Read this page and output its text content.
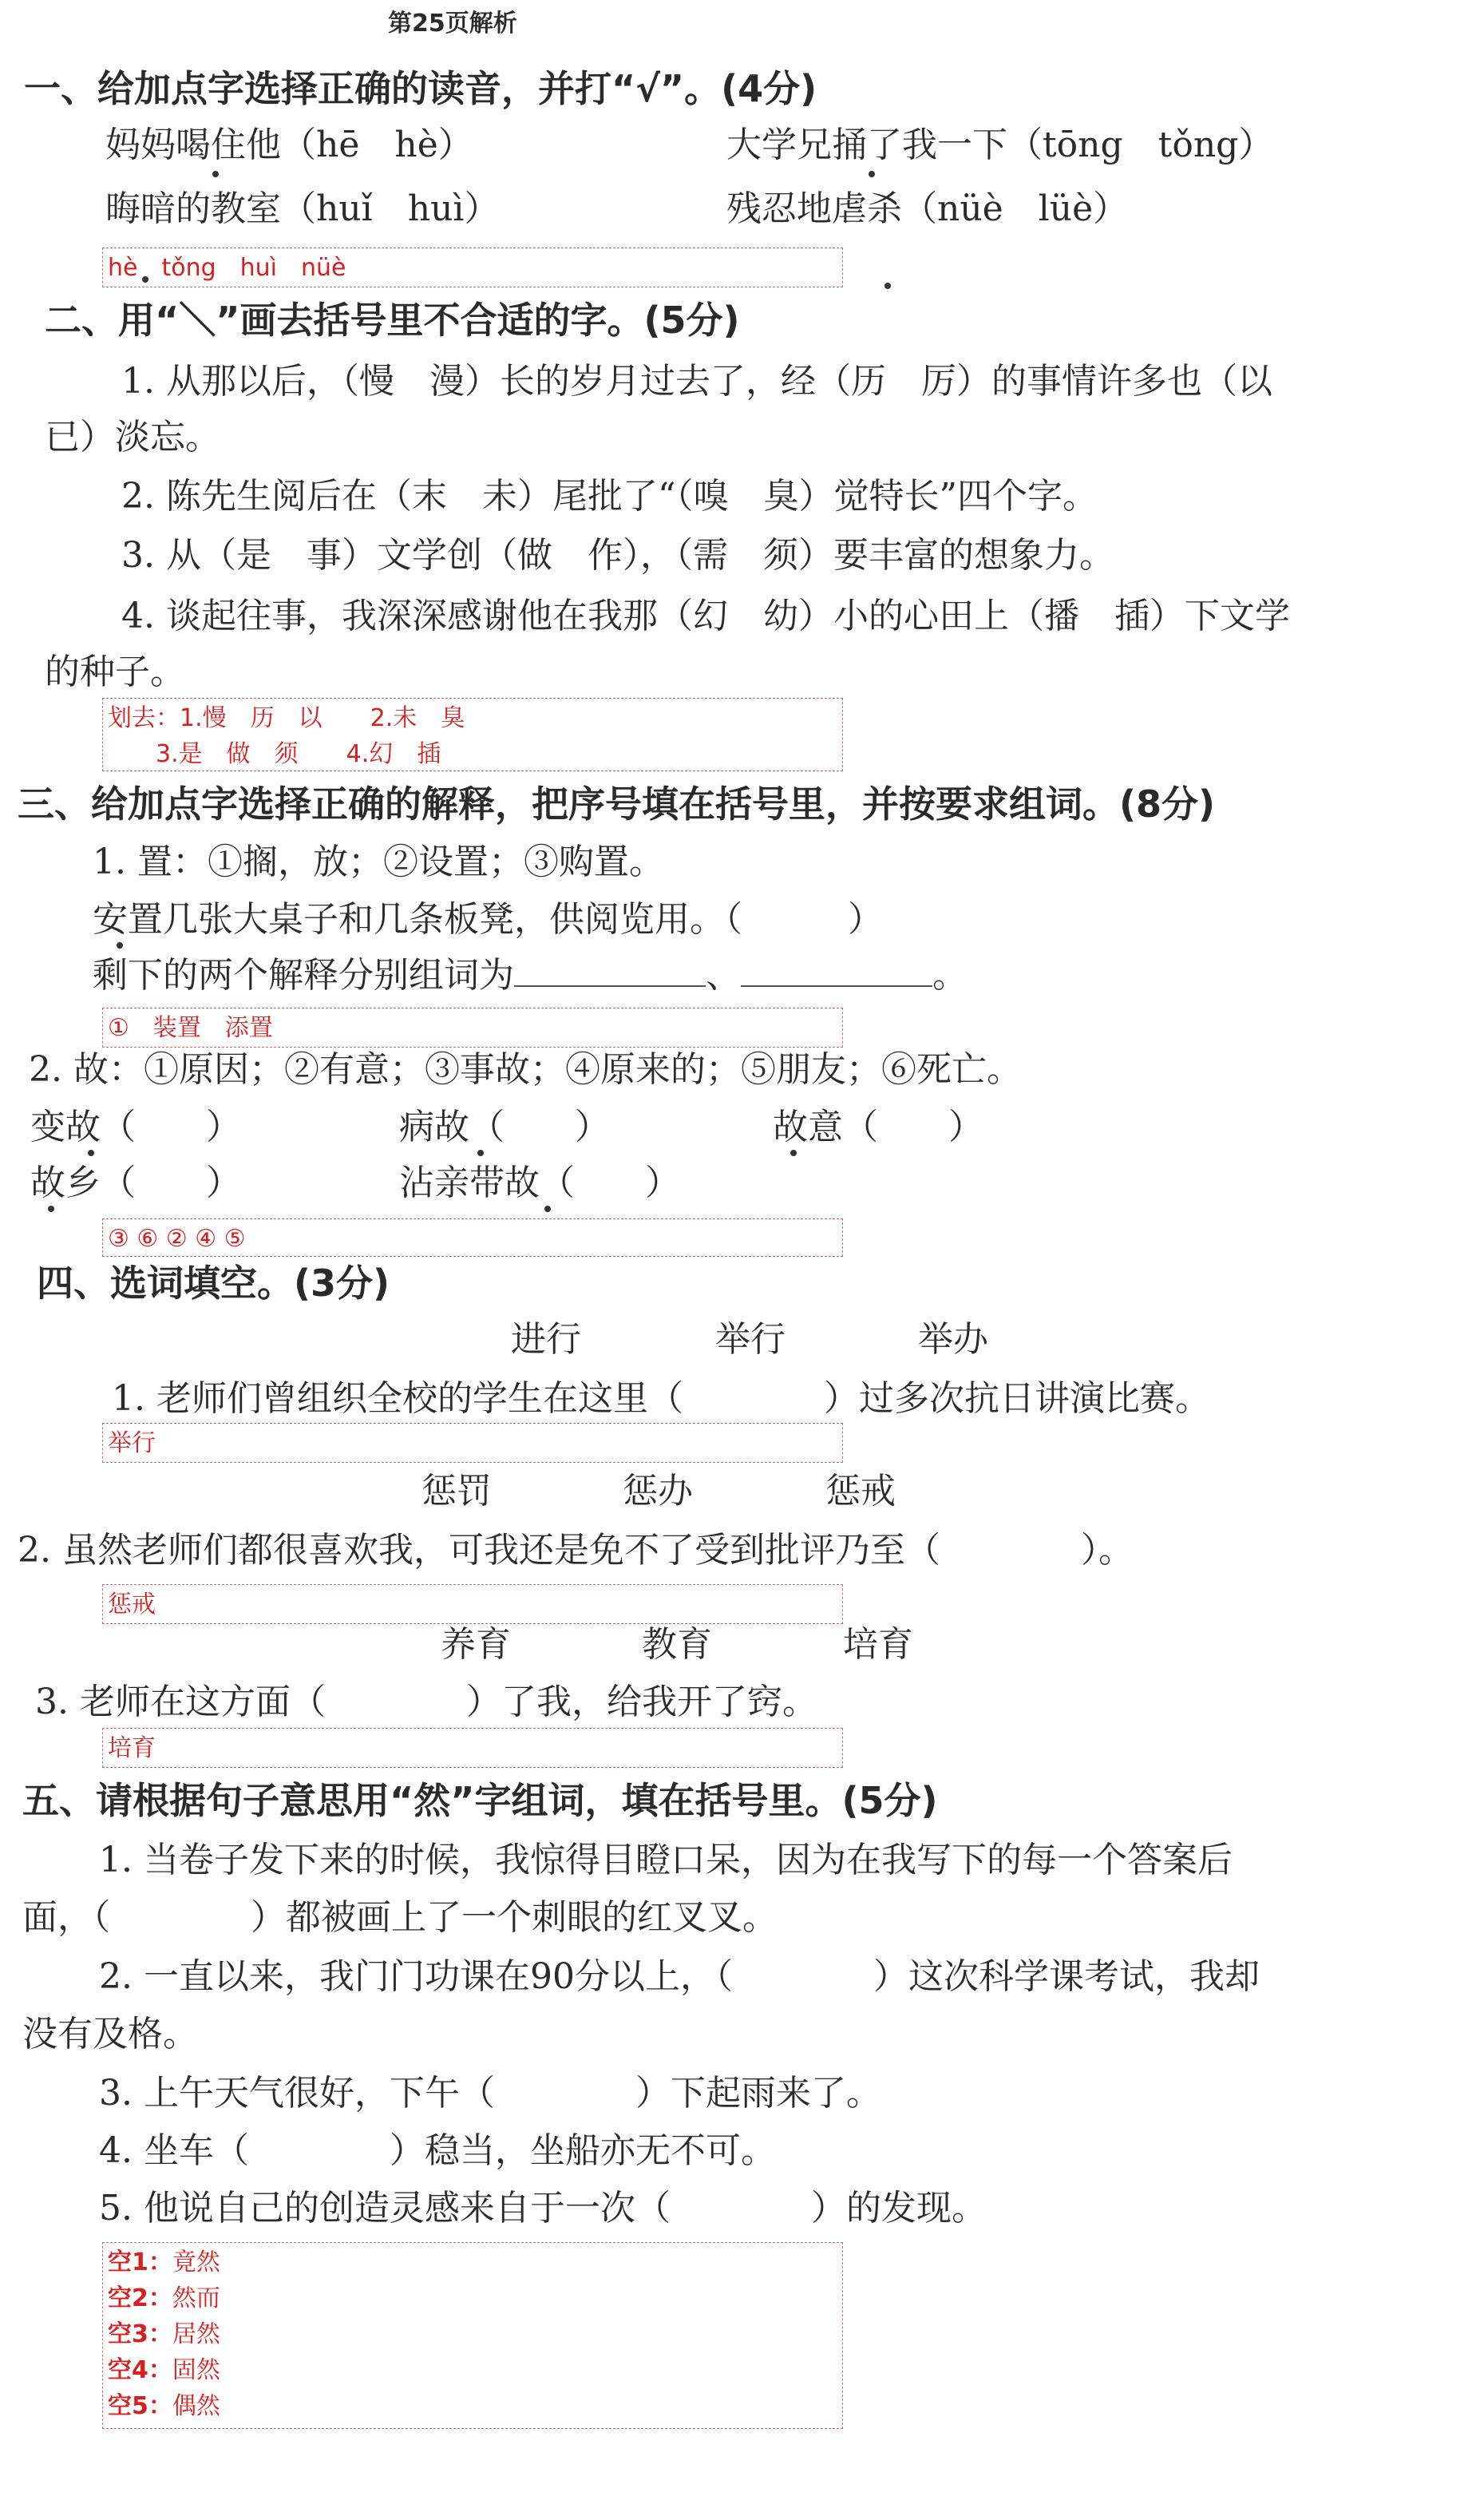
第25页解析
一、给加点字选择正确的读音，并打“√”。(4分)
妈妈喝住他（hē　hè）	大学兄捅了我一下（tōng　tǒng）
晦暗的教室（huǐ　huì）	残忍地虐杀（nüè　lüè）
hè　tǒng　huì　nüè
二、用“＼”画去括号里不合适的字。(5分)
1. 从那以后，（慢　漫）长的岁月过去了，经（历　厉）的事情许多也（以
已）淡忘。
2. 陈先生阅后在（末　未）尾批了“（嗅　臭）觉特长”四个字。
3. 从（是　事）文学创（做　作），（需　须）要丰富的想象力。
4. 谈起往事，我深深感谢他在我那（幻　幼）小的心田上（播　插）下文学
的种子。
划去：1.慢　历　以　　2.未　臭
　　3.是　做　须　　4.幻　插
三、给加点字选择正确的解释，把序号填在括号里，并按要求组词。(8分)
1. 置：①搁，放；②设置；③购置。
安置几张大桌子和几条板凳，供阅览用。（　　　）
剩下的两个解释分别组词为	、	。
①　装置　添置
2. 故：①原因；②有意；③事故；④原来的；⑤朋友；⑥死亡。
变故（　　）	病故（　　）	故意（　　）
故乡（　　）	沾亲带故（　　）
③ ⑥ ② ④ ⑤
四、选词填空。(3分)
进行	举行	举办
1. 老师们曾组织全校的学生在这里（　　　　）过多次抗日讲演比赛。
举行
惩罚	惩办	惩戒
2. 虽然老师们都很喜欢我，可我还是免不了受到批评乃至（　　　　）。
惩戒
养育	教育	培育
3. 老师在这方面（　　　　）了我，给我开了窍。
培育
五、请根据句子意思用“然”字组词，填在括号里。(5分)
1. 当卷子发下来的时候，我惊得目瞪口呆，因为在我写下的每一个答案后
面，（　　　　）都被画上了一个刺眼的红叉叉。
2. 一直以来，我门门功课在90分以上，（　　　　）这次科学课考试，我却
没有及格。
3. 上午天气很好，下午（　　　　）下起雨来了。
4. 坐车（　　　　）稳当，坐船亦无不可。
5. 他说自己的创造灵感来自于一次（　　　　）的发现。
空1：竟然
空2：然而
空3：居然
空4：固然
空5：偶然
